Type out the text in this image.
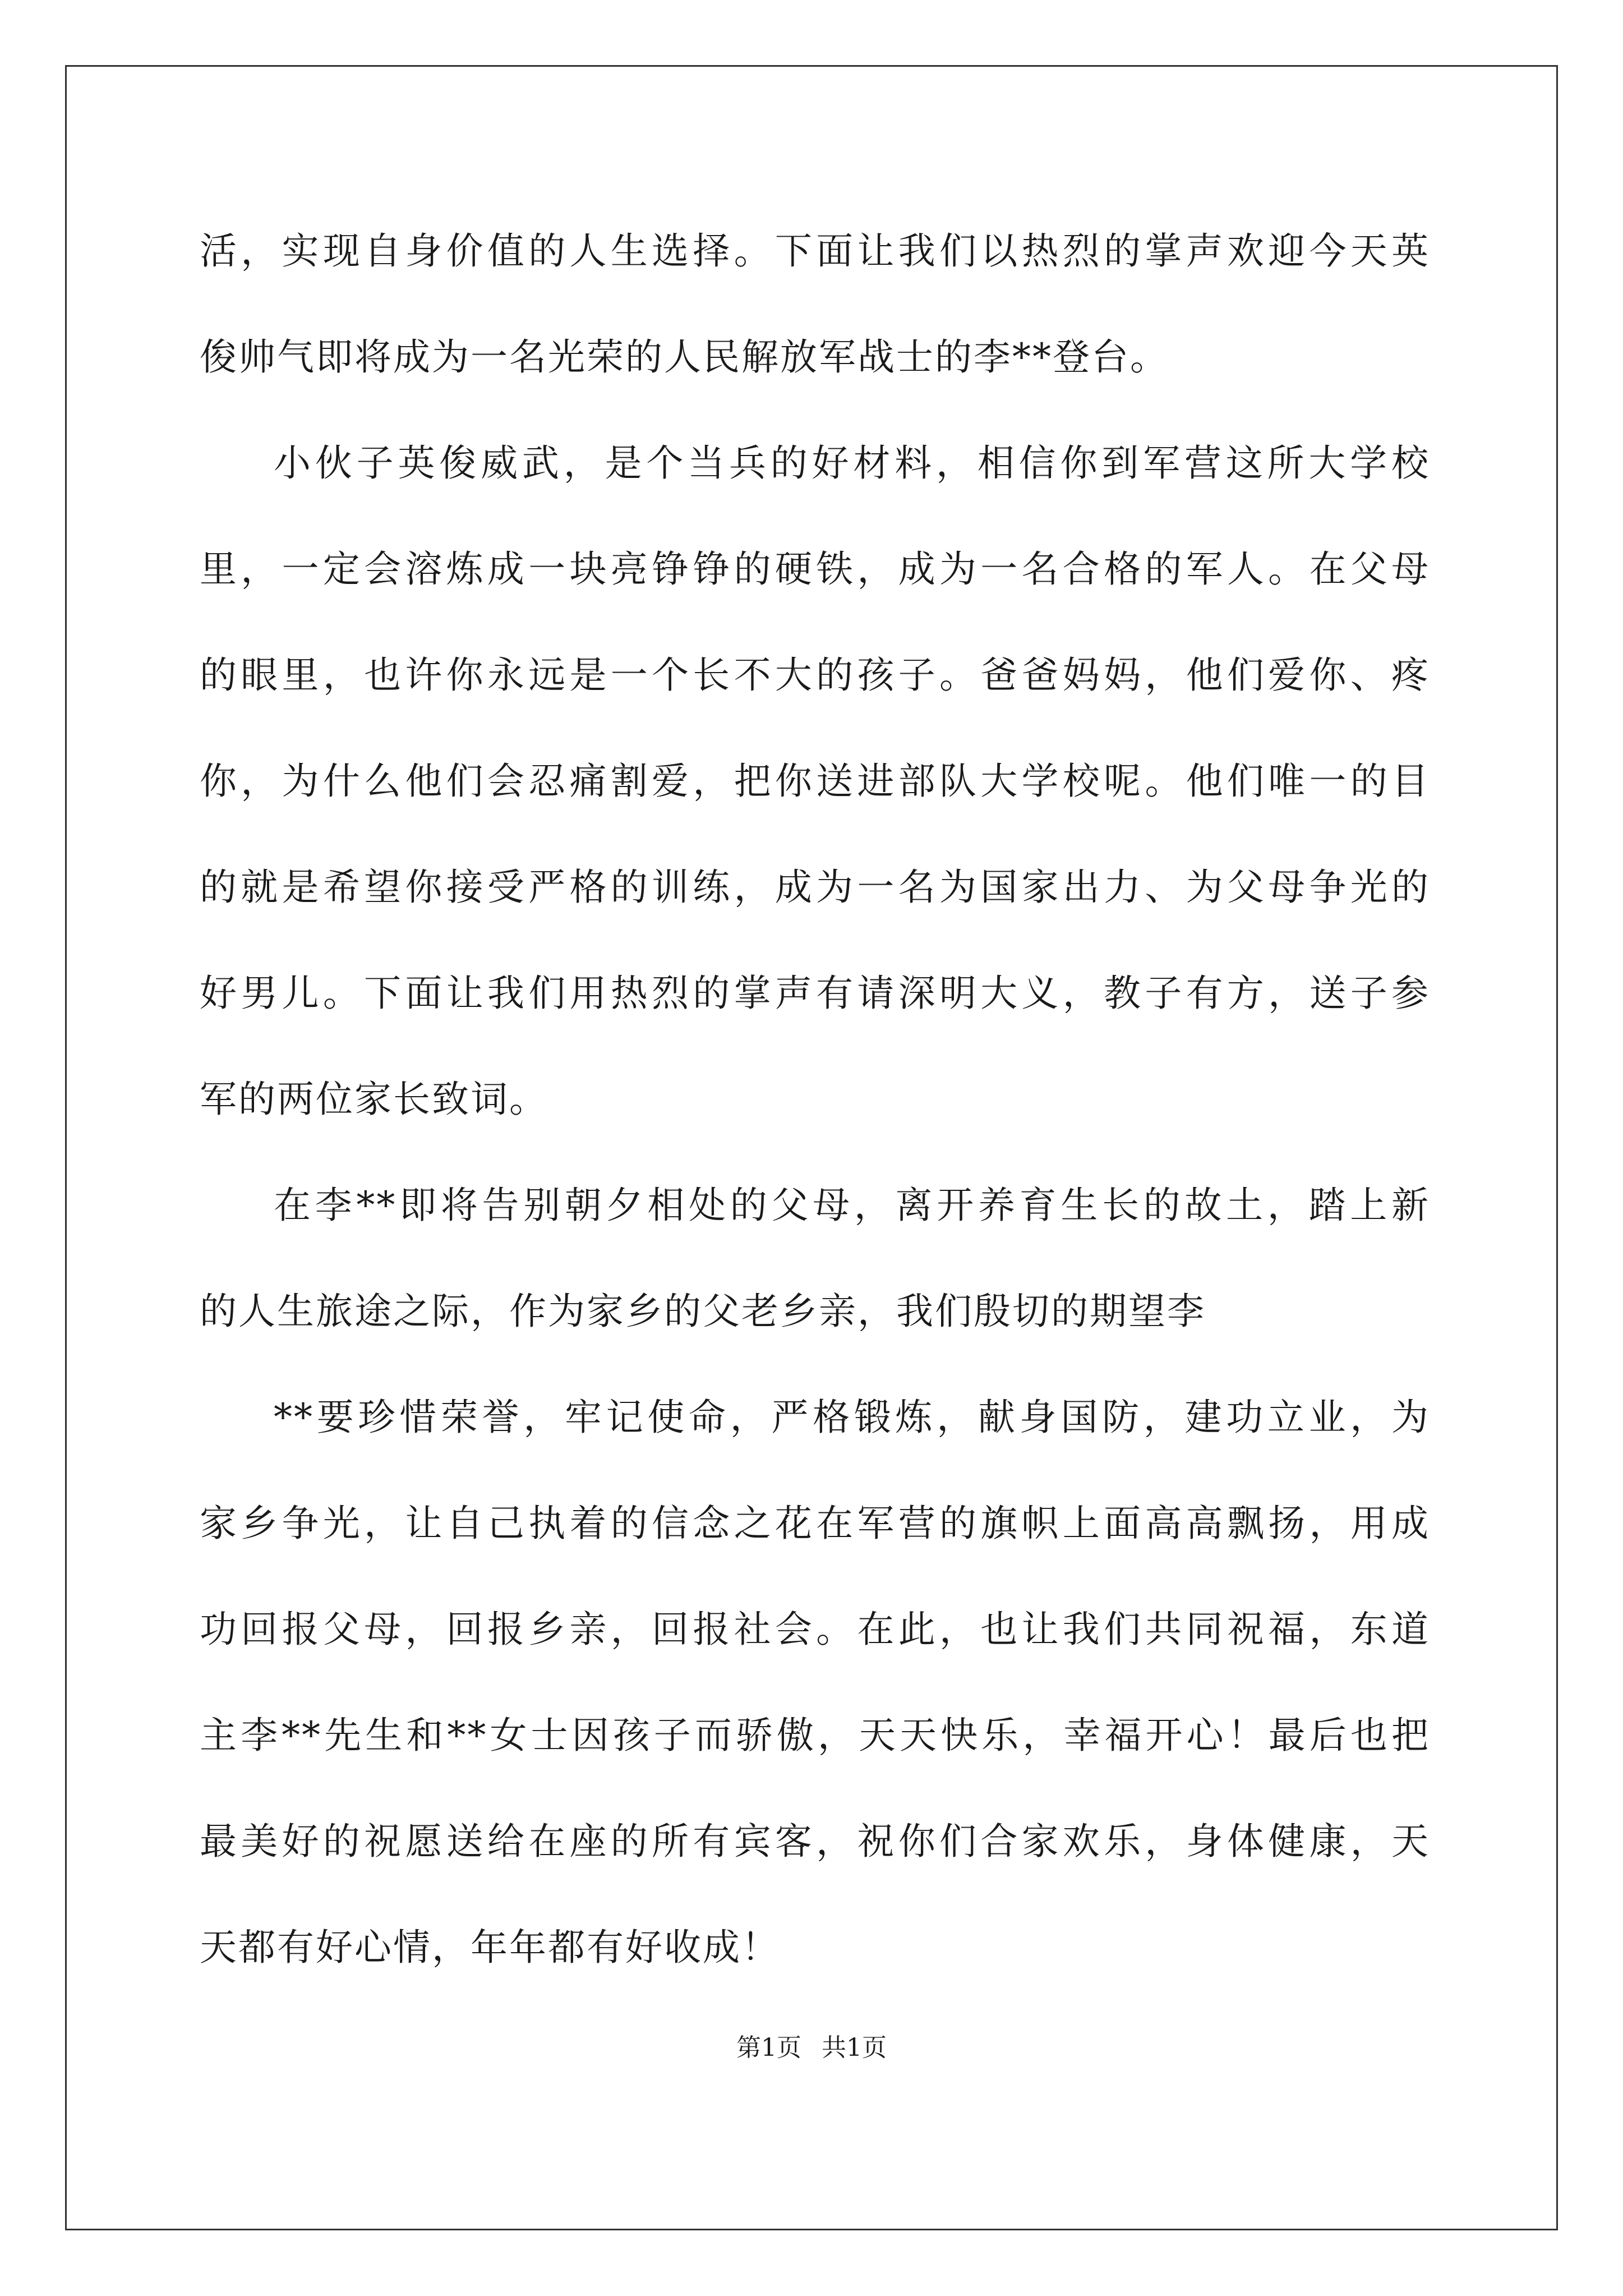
活，实现自身价值的人生选择。下面让我们以热烈的掌声欢迎今天英
俊帅气即将成为一名光荣的人民解放军战士的李**登台。
小伙子英俊威武，是个当兵的好材料，相信你到军营这所大学校
里，一定会溶炼成一块亮铮铮的硬铁，成为一名合格的军人。在父母
的眼里，也许你永远是一个长不大的孩子。爸爸妈妈，他们爱你、疼
你，为什么他们会忍痛割爱，把你送进部队大学校呢。他们唯一的目
的就是希望你接受严格的训练，成为一名为国家出力、为父母争光的
好男儿。下面让我们用热烈的掌声有请深明大义，教子有方，送子参
军的两位家长致词。
在李**即将告别朝夕相处的父母，离开养育生长的故土，踏上新
的人生旅途之际，作为家乡的父老乡亲，我们殷切的期望李
**要珍惜荣誉，牢记使命，严格锻炼，献身国防，建功立业，为
家乡争光，让自己执着的信念之花在军营的旗帜上面高高飘扬，用成
功回报父母，回报乡亲，回报社会。在此，也让我们共同祝福，东道
主李**先生和**女士因孩子而骄傲，天天快乐，幸福开心！最后也把
最美好的祝愿送给在座的所有宾客，祝你们合家欢乐，身体健康，天
天都有好心情，年年都有好收成！
第1页 共1页
